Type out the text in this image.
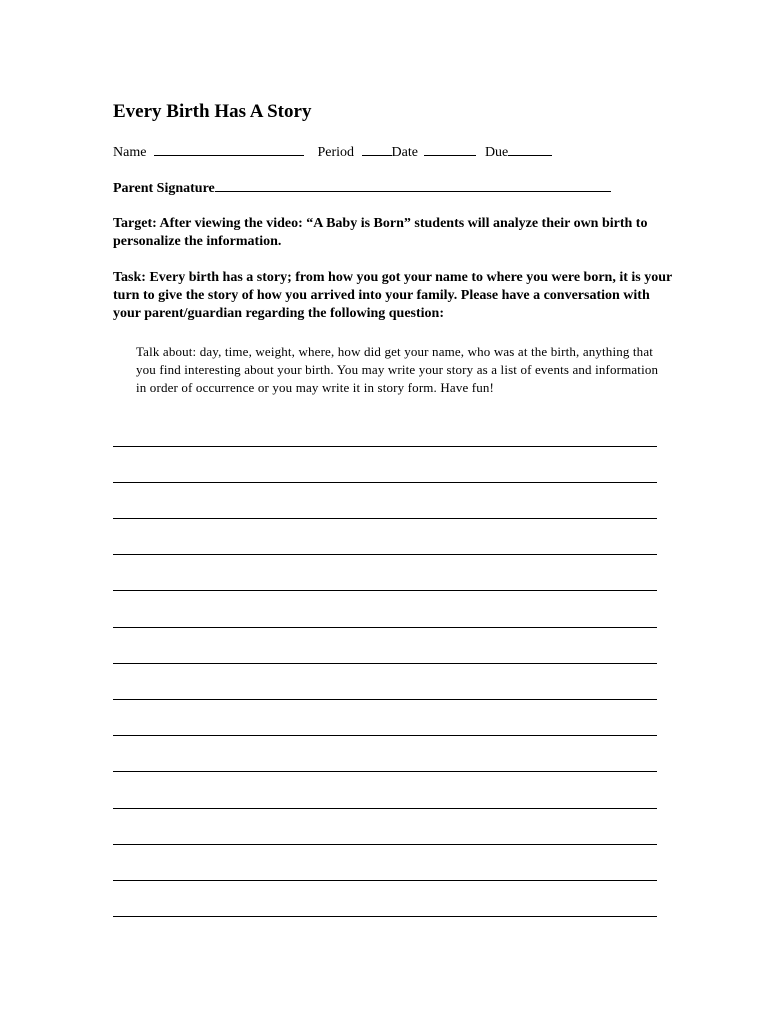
Every Birth Has A Story
Name	Period	Date	Due
Parent Signature
Target: After viewing the video: “A Baby is Born” students will analyze their own birth to personalize the information.
Task: Every birth has a story; from how you got your name to where you were born, it is your turn to give the story of how you arrived into your family. Please have a conversation with your parent/guardian regarding the following question:
Talk about: day, time, weight, where, how did get your name, who was at the birth, anything that you find interesting about your birth. You may write your story as a list of events and information in order of occurrence or you may write it in story form. Have fun!
